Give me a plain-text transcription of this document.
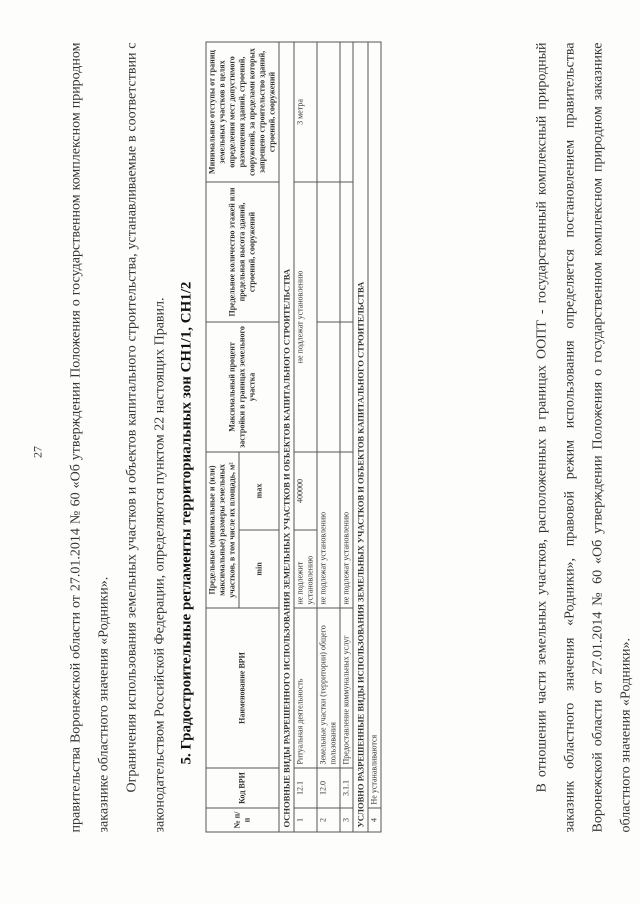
27	правительства Воронежской области от 27.01.2014 № 60 «Об утверждении Положения о государственном комплексном природном заказнике областного значения «Родники». Ограничения использования земельных участков и объектов капитального строительства, устанавливаемые в соответствии с законодательством Российской Федерации, определяются пунктом 22 настоящих Правил. 5. Градостроительные регламенты территориальных зон СН1/1, СН1/2
№ п/п	Код ВРИ	Наименование ВРИ	Предельные (минимальные и (или) максимальные) размеры земельных участков, в том числе их площадь, м²		Максимальный процент застройки в границах земельного участка	Предельное количество этажей или предельная высота зданий, строений, сооружений	Минимальные отступы от границ земельных участков в целях определения мест допустимого размещения зданий, строений, сооружений, за пределами которых запрещено строительство зданий, строений, сооружений
			min	max			
ОСНОВНЫЕ ВИДЫ РАЗРЕШЕННОГО ИСПОЛЬЗОВАНИЯ ЗЕМЕЛЬНЫХ УЧАСТКОВ И ОБЪЕКТОВ КАПИТАЛЬНОГО СТРОИТЕЛЬСТВА							
1	12.1	Ритуальная деятельность	не подлежит установлению	400000	не подлежат установлению		3 метра
2	12.0	Земельные участки (территории) общего пользования	не подлежат установлению				
3	3.1.1	Предоставление коммунальных услуг	не подлежат установлению				
УСЛОВНО РАЗРЕШЕННЫЕ ВИДЫ ИСПОЛЬЗОВАНИЯ ЗЕМЕЛЬНЫХ УЧАСТКОВ И ОБЪЕКТОВ КАПИТАЛЬНОГО СТРОИТЕЛЬСТВА							
4	Не устанавливаются							В отношении части земельных участков, расположенных в границах ООПТ - государственный комплексный природный заказник областного значения «Родники», правовой режим использования определяется постановлением правительства Воронежской области от 27.01.2014 № 60 «Об утверждении Положения о государственном комплексном природном заказнике областного значения «Родники».
